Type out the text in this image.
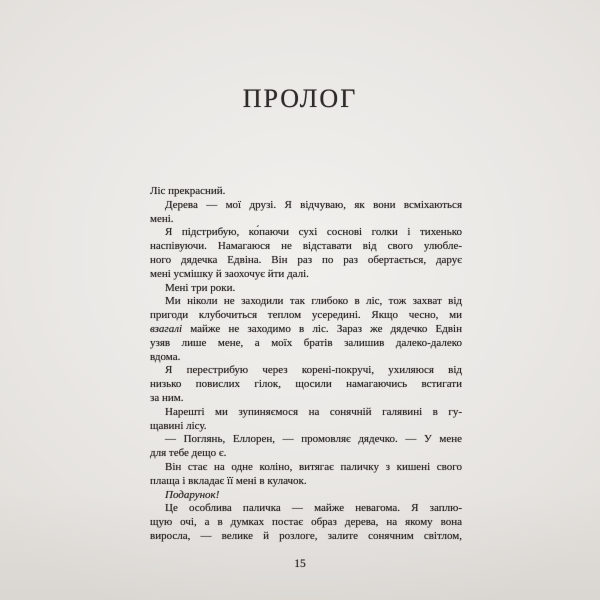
ПРОЛОГ
Ліс прекрасний.
Дерева — мої друзі. Я відчуваю, як вони всміхаються
мені.
Я підстрибую, ко́паючи сухі соснові голки і тихенько
наспівуючи. Намагаюся не відставати від свого улюбле-
ного дядечка Едвіна. Він раз по раз обертається, дарує
мені усмішку й заохочує йти далі.
Мені три роки.
Ми ніколи не заходили так глибоко в ліс, тож захват від
пригоди клубочиться теплом усередині. Якщо чесно, ми
взагалі майже не заходимо в ліс. Зараз же дядечко Едвін
узяв лише мене, а моїх братів залишив далеко-далеко
вдома.
Я перестрибую через корені-покручі, ухиляюся від
низько повислих гілок, щосили намагаючись встигати
за ним.
Нарешті ми зупиняємося на сонячній галявині в гу-
щавині лісу.
— Поглянь, Еллорен, — промовляє дядечко. — У мене
для тебе дещо є.
Він стає на одне коліно, витягає паличку з кишені свого
плаща і вкладає її мені в кулачок.
Подарунок!
Це особлива паличка — майже невагома. Я заплю-
щую очі, а в думках постає образ дерева, на якому вона
виросла, — велике й розлоге, залите сонячним світлом,
15
